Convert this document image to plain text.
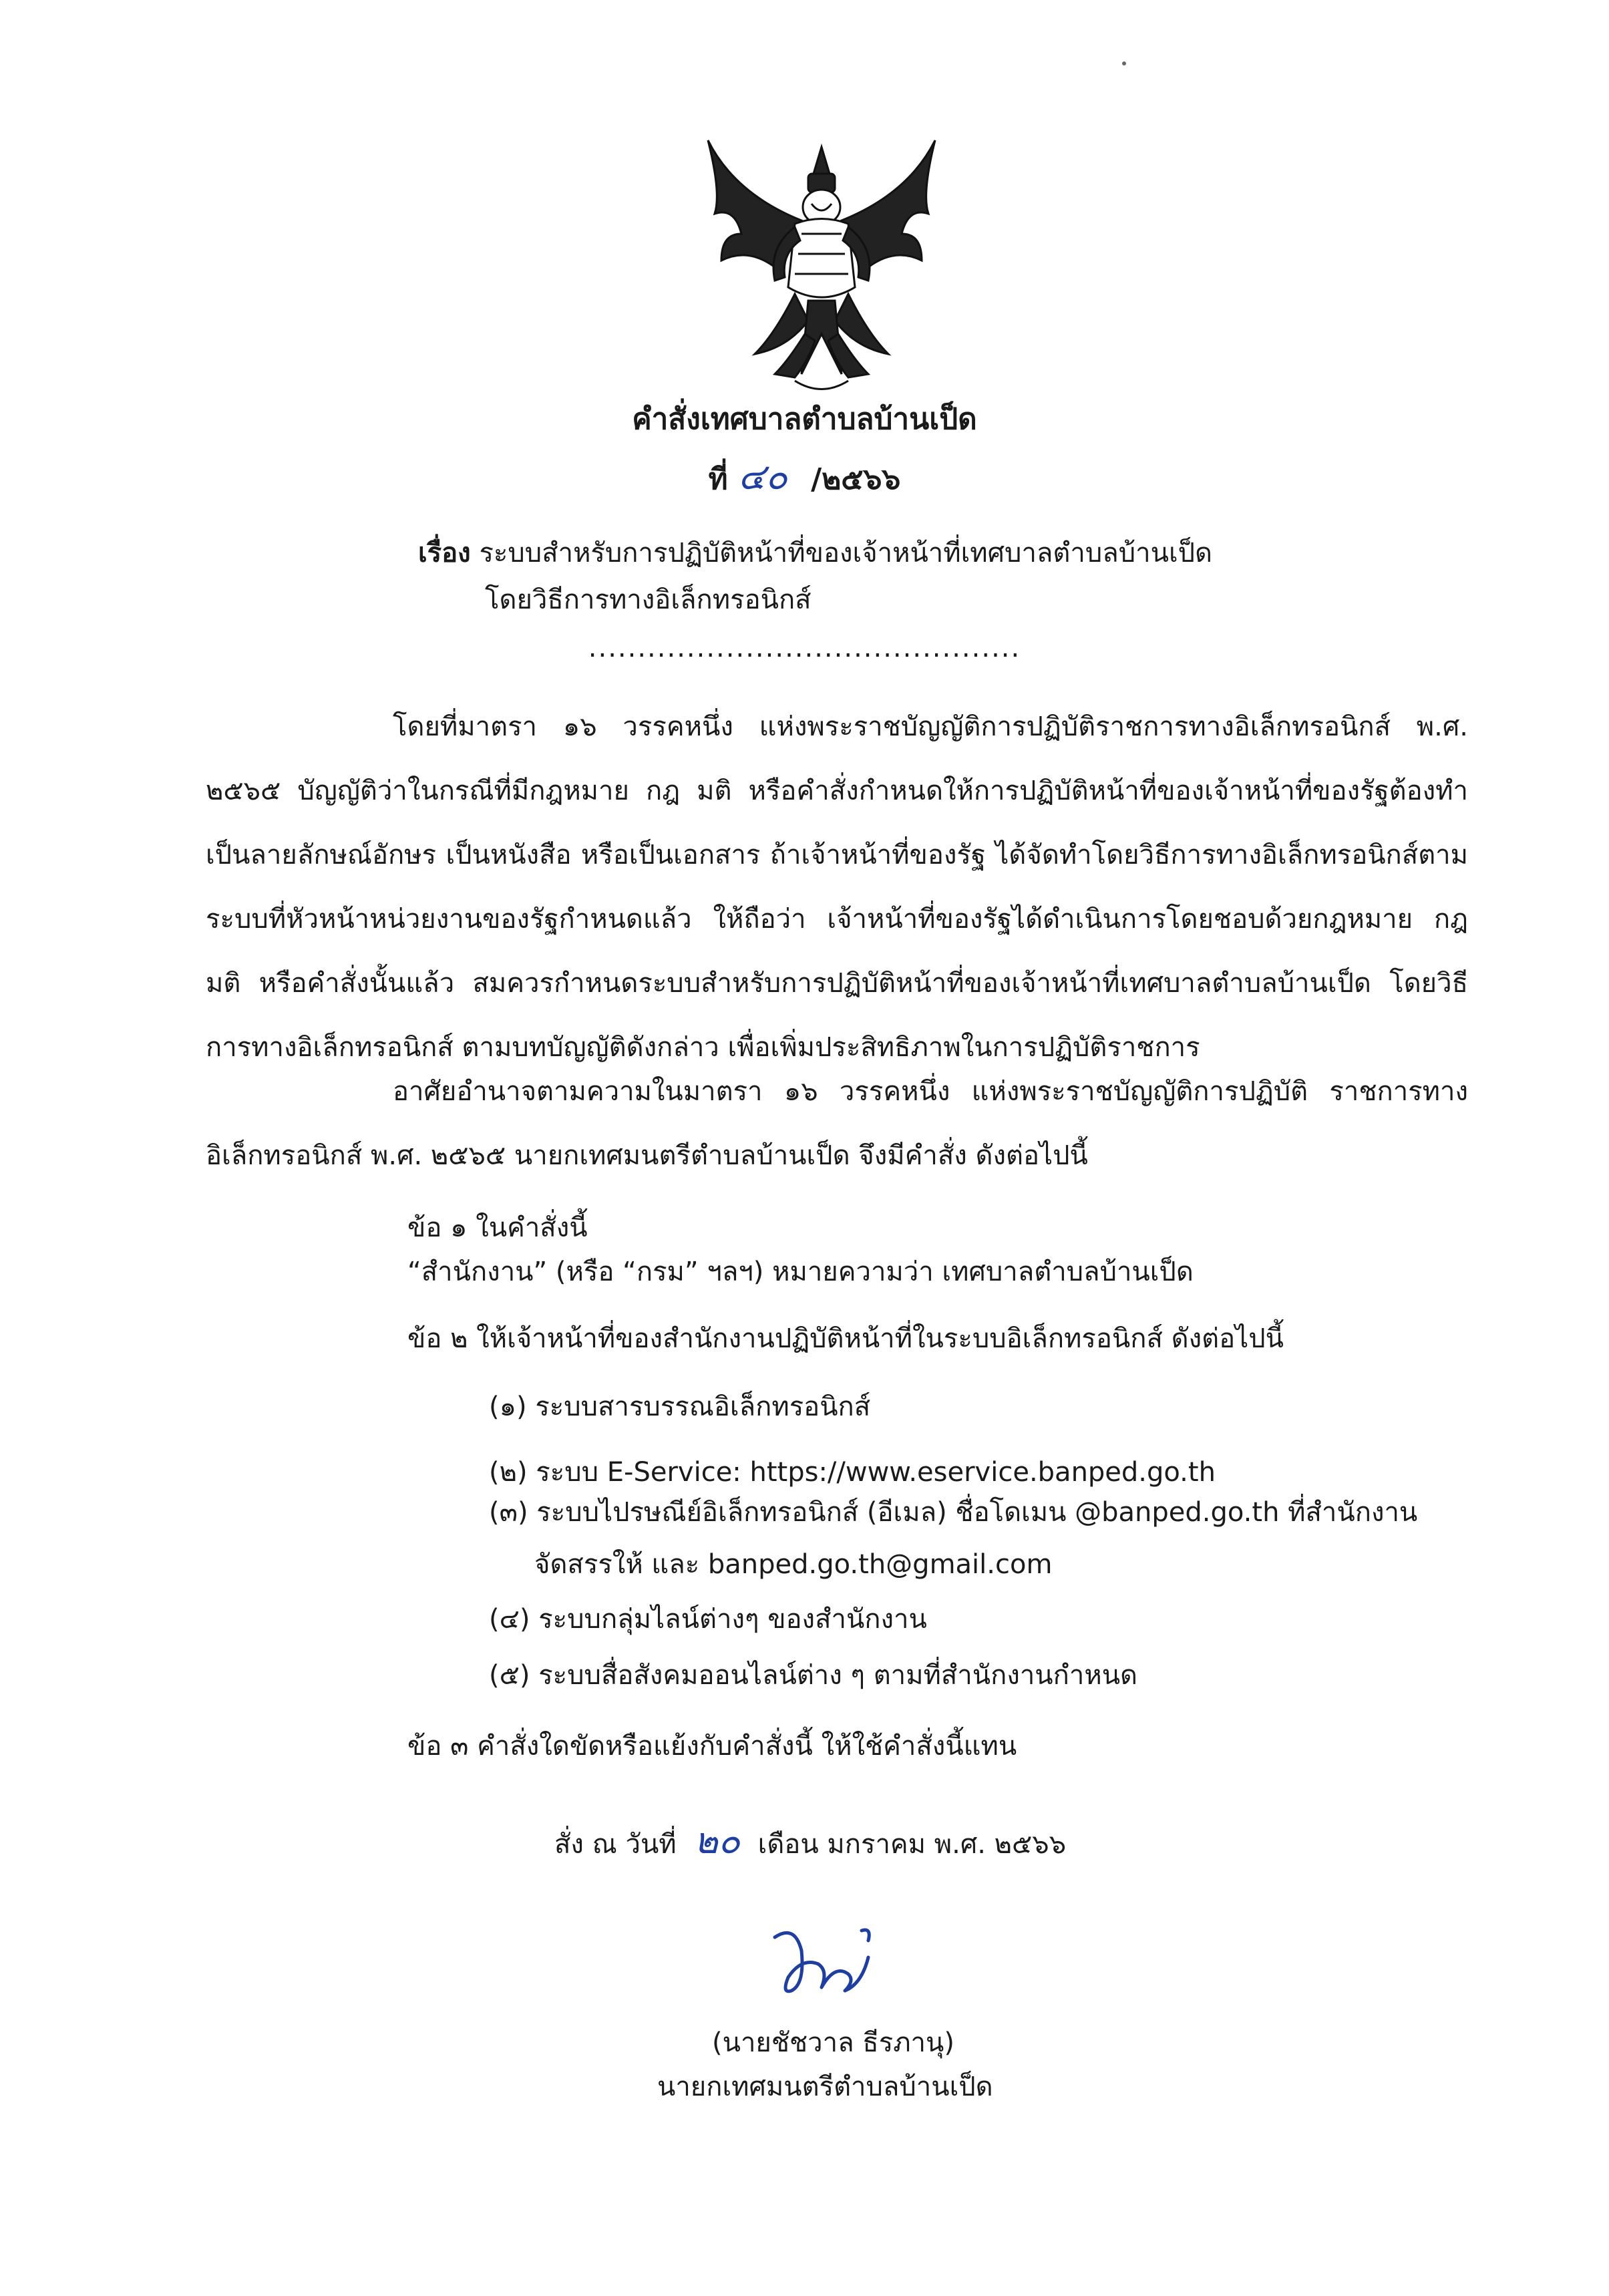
คำสั่งเทศบาลตำบลบ้านเป็ด
ที่ ๔๐ /๒๕๖๖
เรื่อง ระบบสำหรับการปฏิบัติหน้าที่ของเจ้าหน้าที่เทศบาลตำบลบ้านเป็ด
โดยวิธีการทางอิเล็กทรอนิกส์
............................................
โดยที่มาตรา ๑๖ วรรคหนึ่ง แห่งพระราชบัญญัติการปฏิบัติราชการทางอิเล็กทรอนิกส์ พ.ศ. ๒๕๖๕ บัญญัติว่าในกรณีที่มีกฎหมาย กฎ มติ หรือคำสั่งกำหนดให้การปฏิบัติหน้าที่ของเจ้าหน้าที่ของรัฐต้องทำเป็นลายลักษณ์อักษร เป็นหนังสือ หรือเป็นเอกสาร ถ้าเจ้าหน้าที่ของรัฐ ได้จัดทำโดยวิธีการทางอิเล็กทรอนิกส์ตามระบบที่หัวหน้าหน่วยงานของรัฐกำหนดแล้ว ให้ถือว่า เจ้าหน้าที่ของรัฐได้ดำเนินการโดยชอบด้วยกฎหมาย กฎ มติ หรือคำสั่งนั้นแล้ว สมควรกำหนดระบบสำหรับการปฏิบัติหน้าที่ของเจ้าหน้าที่เทศบาลตำบลบ้านเป็ด โดยวิธีการทางอิเล็กทรอนิกส์ ตามบทบัญญัติดังกล่าว เพื่อเพิ่มประสิทธิภาพในการปฏิบัติราชการ
อาศัยอำนาจตามความในมาตรา ๑๖ วรรคหนึ่ง แห่งพระราชบัญญัติการปฏิบัติ ราชการทางอิเล็กทรอนิกส์ พ.ศ. ๒๕๖๕ นายกเทศมนตรีตำบลบ้านเป็ด จึงมีคำสั่ง ดังต่อไปนี้
ข้อ ๑ ในคำสั่งนี้
“สำนักงาน” (หรือ “กรม” ฯลฯ) หมายความว่า เทศบาลตำบลบ้านเป็ด
ข้อ ๒ ให้เจ้าหน้าที่ของสำนักงานปฏิบัติหน้าที่ในระบบอิเล็กทรอนิกส์ ดังต่อไปนี้
(๑) ระบบสารบรรณอิเล็กทรอนิกส์
(๒) ระบบ E-Service: https://www.eservice.banped.go.th
(๓) ระบบไปรษณีย์อิเล็กทรอนิกส์ (อีเมล) ชื่อโดเมน @banped.go.th ที่สำนักงาน
จัดสรรให้ และ banped.go.th@gmail.com
(๔) ระบบกลุ่มไลน์ต่างๆ ของสำนักงาน
(๕) ระบบสื่อสังคมออนไลน์ต่าง ๆ ตามที่สำนักงานกำหนด
ข้อ ๓ คำสั่งใดขัดหรือแย้งกับคำสั่งนี้ ให้ใช้คำสั่งนี้แทน
สั่ง ณ วันที่ ๒๐ เดือน มกราคม พ.ศ. ๒๕๖๖
(นายชัชวาล ธีรภานุ)
นายกเทศมนตรีตำบลบ้านเป็ด
